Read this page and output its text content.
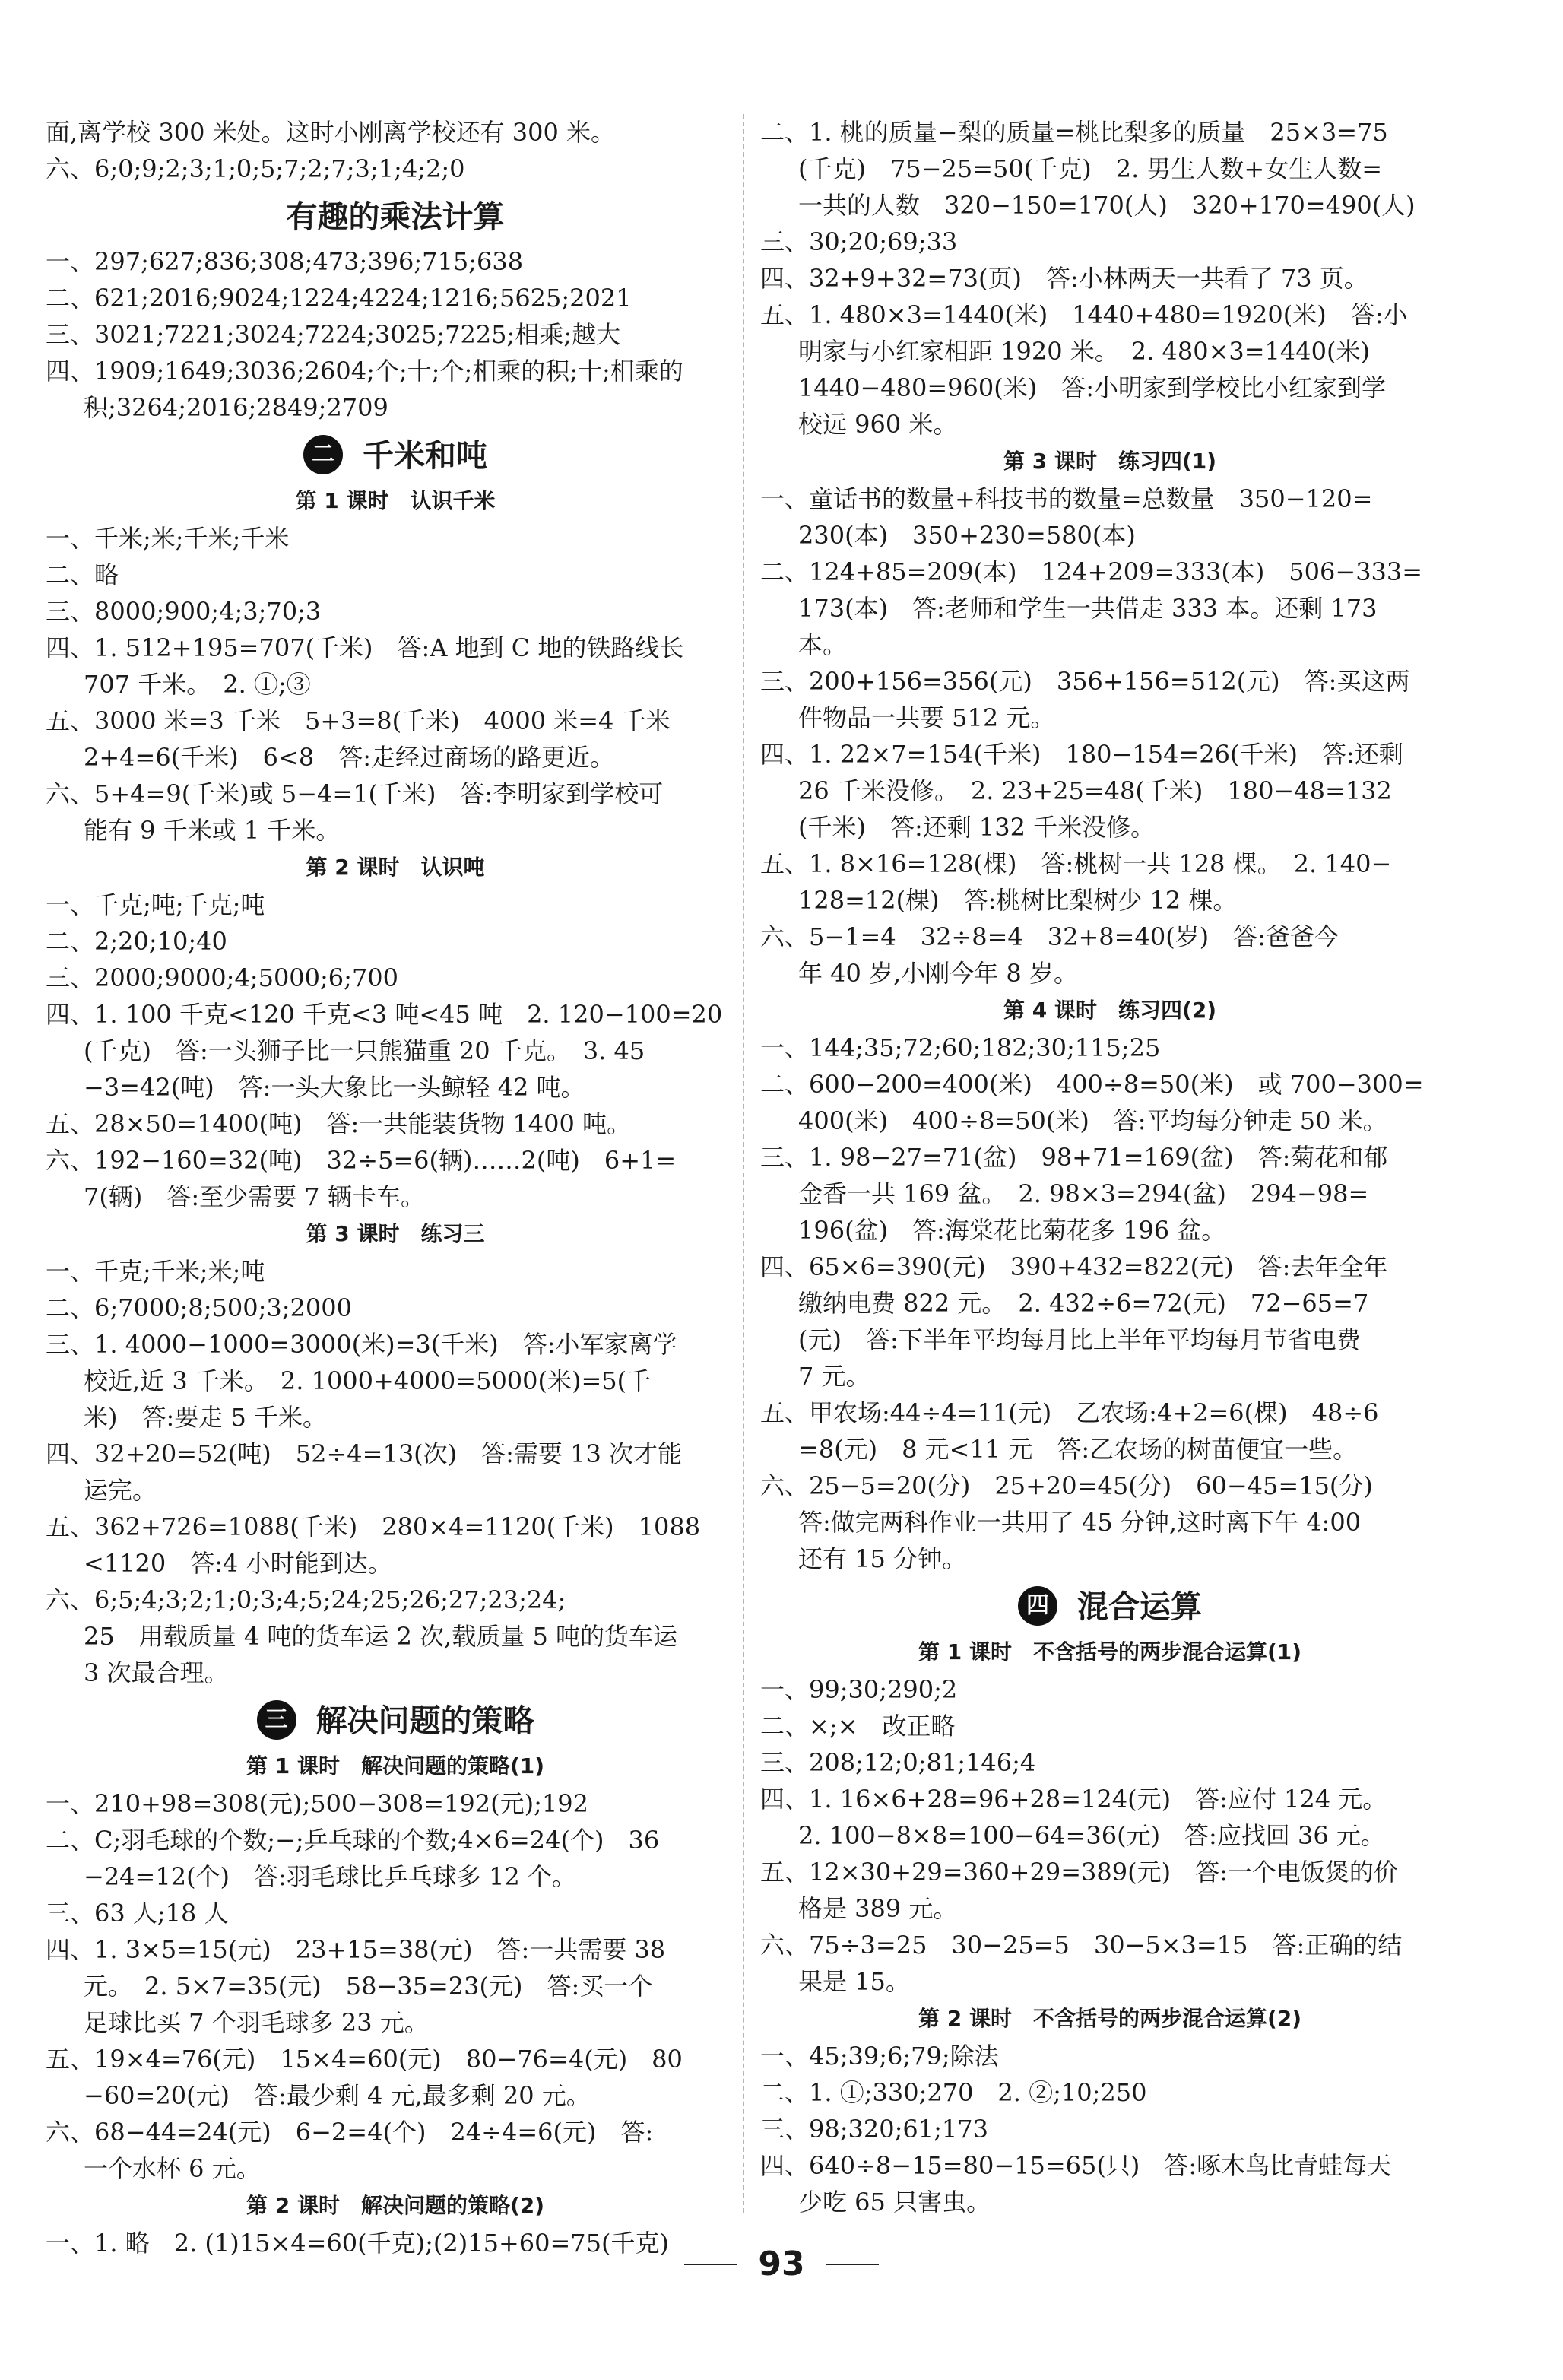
面,离学校 300 米处。这时小刚离学校还有 300 米。
六、6;0;9;2;3;1;0;5;7;2;7;3;1;4;2;0
有趣的乘法计算
一、297;627;836;308;473;396;715;638
二、621;2016;9024;1224;4224;1216;5625;2021
三、3021;7221;3024;7224;3025;7225;相乘;越大
四、1909;1649;3036;2604;个;十;个;相乘的积;十;相乘的
积;3264;2016;2849;2709
二 千米和吨
第 1 课时　认识千米
一、千米;米;千米;千米
二、略
三、8000;900;4;3;70;3
四、1. 512+195=707(千米)　答:A 地到 C 地的铁路线长
707 千米。　2. ①;③
五、3000 米=3 千米　5+3=8(千米)　4000 米=4 千米
2+4=6(千米)　6<8　答:走经过商场的路更近。
六、5+4=9(千米)或 5−4=1(千米)　答:李明家到学校可
能有 9 千米或 1 千米。
第 2 课时　认识吨
一、千克;吨;千克;吨
二、2;20;10;40
三、2000;9000;4;5000;6;700
四、1. 100 千克<120 千克<3 吨<45 吨　2. 120−100=20
(千克)　答:一头狮子比一只熊猫重 20 千克。　3. 45
−3=42(吨)　答:一头大象比一头鲸轻 42 吨。
五、28×50=1400(吨)　答:一共能装货物 1400 吨。
六、192−160=32(吨)　32÷5=6(辆)……2(吨)　6+1=
7(辆)　答:至少需要 7 辆卡车。
第 3 课时　练习三
一、千克;千米;米;吨
二、6;7000;8;500;3;2000
三、1. 4000−1000=3000(米)=3(千米)　答:小军家离学
校近,近 3 千米。　2. 1000+4000=5000(米)=5(千
米)　答:要走 5 千米。
四、32+20=52(吨)　52÷4=13(次)　答:需要 13 次才能
运完。
五、362+726=1088(千米)　280×4=1120(千米)　1088
<1120　答:4 小时能到达。
六、6;5;4;3;2;1;0;3;4;5;24;25;26;27;23;24;
25　用载质量 4 吨的货车运 2 次,载质量 5 吨的货车运
3 次最合理。
三 解决问题的策略
第 1 课时　解决问题的策略(1)
一、210+98=308(元);500−308=192(元);192
二、C;羽毛球的个数;−;乒乓球的个数;4×6=24(个)　36
−24=12(个)　答:羽毛球比乒乓球多 12 个。
三、63 人;18 人
四、1. 3×5=15(元)　23+15=38(元)　答:一共需要 38
元。　2. 5×7=35(元)　58−35=23(元)　答:买一个
足球比买 7 个羽毛球多 23 元。
五、19×4=76(元)　15×4=60(元)　80−76=4(元)　80
−60=20(元)　答:最少剩 4 元,最多剩 20 元。
六、68−44=24(元)　6−2=4(个)　24÷4=6(元)　答:
一个水杯 6 元。
第 2 课时　解决问题的策略(2)
一、1. 略　2. (1)15×4=60(千克);(2)15+60=75(千克)
二、1. 桃的质量−梨的质量=桃比梨多的质量　25×3=75
(千克)　75−25=50(千克)　2. 男生人数+女生人数=
一共的人数　320−150=170(人)　320+170=490(人)
三、30;20;69;33
四、32+9+32=73(页)　答:小林两天一共看了 73 页。
五、1. 480×3=1440(米)　1440+480=1920(米)　答:小
明家与小红家相距 1920 米。　2. 480×3=1440(米)
1440−480=960(米)　答:小明家到学校比小红家到学
校远 960 米。
第 3 课时　练习四(1)
一、童话书的数量+科技书的数量=总数量　350−120=
230(本)　350+230=580(本)
二、124+85=209(本)　124+209=333(本)　506−333=
173(本)　答:老师和学生一共借走 333 本。还剩 173
本。
三、200+156=356(元)　356+156=512(元)　答:买这两
件物品一共要 512 元。
四、1. 22×7=154(千米)　180−154=26(千米)　答:还剩
26 千米没修。　2. 23+25=48(千米)　180−48=132
(千米)　答:还剩 132 千米没修。
五、1. 8×16=128(棵)　答:桃树一共 128 棵。　2. 140−
128=12(棵)　答:桃树比梨树少 12 棵。
六、5−1=4　32÷8=4　32+8=40(岁)　答:爸爸今
年 40 岁,小刚今年 8 岁。
第 4 课时　练习四(2)
一、144;35;72;60;182;30;115;25
二、600−200=400(米)　400÷8=50(米)　或 700−300=
400(米)　400÷8=50(米)　答:平均每分钟走 50 米。
三、1. 98−27=71(盆)　98+71=169(盆)　答:菊花和郁
金香一共 169 盆。　2. 98×3=294(盆)　294−98=
196(盆)　答:海棠花比菊花多 196 盆。
四、65×6=390(元)　390+432=822(元)　答:去年全年
缴纳电费 822 元。　2. 432÷6=72(元)　72−65=7
(元)　答:下半年平均每月比上半年平均每月节省电费
7 元。
五、甲农场:44÷4=11(元)　乙农场:4+2=6(棵)　48÷6
=8(元)　8 元<11 元　答:乙农场的树苗便宜一些。
六、25−5=20(分)　25+20=45(分)　60−45=15(分)
答:做完两科作业一共用了 45 分钟,这时离下午 4:00
还有 15 分钟。
四 混合运算
第 1 课时　不含括号的两步混合运算(1)
一、99;30;290;2
二、×;×　改正略
三、208;12;0;81;146;4
四、1. 16×6+28=96+28=124(元)　答:应付 124 元。
2. 100−8×8=100−64=36(元)　答:应找回 36 元。
五、12×30+29=360+29=389(元)　答:一个电饭煲的价
格是 389 元。
六、75÷3=25　30−25=5　30−5×3=15　答:正确的结
果是 15。
第 2 课时　不含括号的两步混合运算(2)
一、45;39;6;79;除法
二、1. ①;330;270　2. ②;10;250
三、98;320;61;173
四、640÷8−15=80−15=65(只)　答:啄木鸟比青蛙每天
少吃 65 只害虫。
93
